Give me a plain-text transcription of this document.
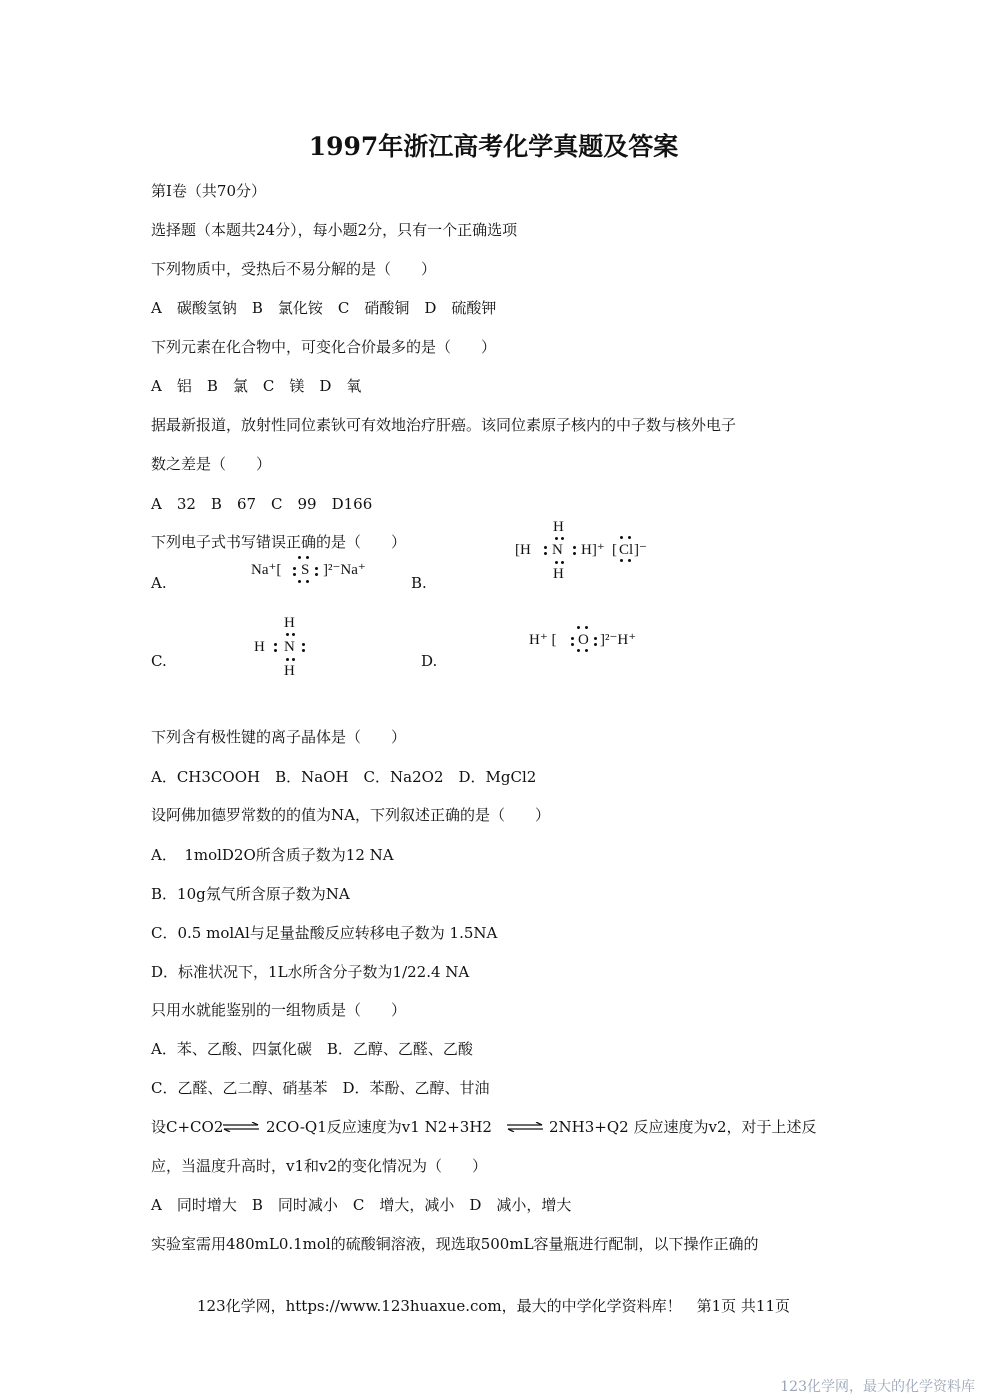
1997年浙江高考化学真题及答案
第Ⅰ卷（共70分）
选择题（本题共24分），每小题2分，只有一个正确选项
下列物质中，受热后不易分解的是（　　）
A　碳酸氢钠　B　氯化铵　C　硝酸铜　D　硫酸钾
下列元素在化合物中，可变化合价最多的是（　　）
A　铝　B　氯　C　镁　D　氧
据最新报道，放射性同位素钬可有效地治疗肝癌。该同位素原子核内的中子数与核外电子
数之差是（　　）
A　32　B　67　C　99　D166
下列电子式书写错误正确的是（　　）
A.	B.
C.	D.
Na⁺[ S ]²⁻Na⁺
H
[H N H]⁺
H
[ Cl ]⁻
H
H N
H
H⁺ [ O ]²⁻H⁺
下列含有极性键的离子晶体是（　　）
A．CH3COOH　B．NaOH　C．Na2O2　D．MgCl2
设阿佛加德罗常数的的值为NA，下列叙述正确的是（　　）
A．　1molD2O所含质子数为12 NA
B．10g氖气所含原子数为NA
C．0.5 molAl与足量盐酸反应转移电子数为 1.5NA
D．标准状况下，1L水所含分子数为1/22.4 NA
只用水就能鉴别的一组物质是（　　）
A．苯、乙酸、四氯化碳　B．乙醇、乙醛、乙酸
C．乙醛、乙二醇、硝基苯　D．苯酚、乙醇、甘油
设C+CO2 ⇌ 2CO-Q1反应速度为v1 N2+3H2 ⇌ 2NH3+Q2 反应速度为v2，对于上述反
应，当温度升高时，v1和v2的变化情况为（　　）
A　同时增大　B　同时减小　C　增大，减小　D　减小，增大
实验室需用480mL0.1mol的硫酸铜溶液，现选取500mL容量瓶进行配制，以下操作正确的
123化学网，https://www.123huaxue.com，最大的中学化学资料库！　第1页 共11页
123化学网，最大的化学资料库
